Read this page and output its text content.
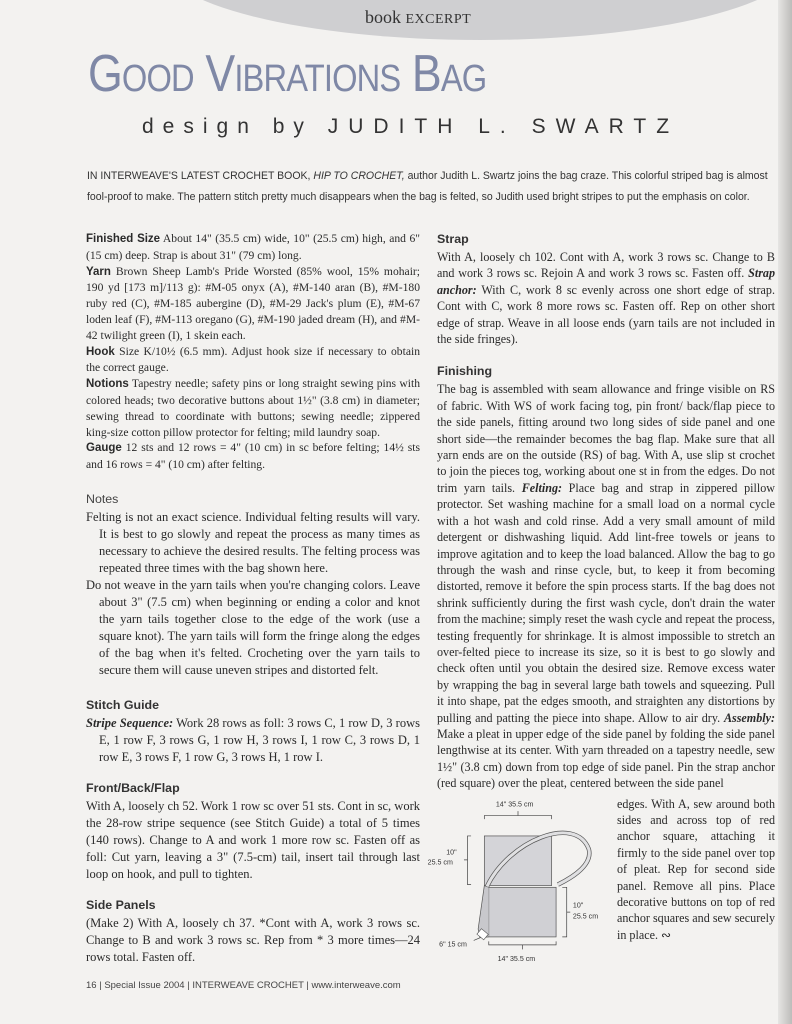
book EXCERPT
GOOD VIBRATIONS BAG
design by JUDITH L. SWARTZ
IN INTERWEAVE'S LATEST CROCHET BOOK, HIP TO CROCHET, author Judith L. Swartz joins the bag craze. This colorful striped bag is almost fool-proof to make. The pattern stitch pretty much disappears when the bag is felted, so Judith used bright stripes to put the emphasis on color.

Finished Size About 14" (35.5 cm) wide, 10" (25.5 cm) high, and 6" (15 cm) deep. Strap is about 31" (79 cm) long.

Yarn Brown Sheep Lamb's Pride Worsted (85% wool, 15% mohair; 190 yd [173 m]/113 g): #M-05 onyx (A), #M-140 aran (B), #M-180 ruby red (C), #M-185 aubergine (D), #M-29 Jack's plum (E), #M-67 loden leaf (F), #M-113 oregano (G), #M-190 jaded dream (H), and #M-42 twilight green (I), 1 skein each.

Hook Size K/10½ (6.5 mm). Adjust hook size if necessary to obtain the correct gauge.

Notions Tapestry needle; safety pins or long straight sewing pins with colored heads; two decorative buttons about 1½" (3.8 cm) in diameter; sewing thread to coordinate with buttons; sewing needle; zippered king-size cotton pillow protector for felting; mild laundry soap.

Gauge 12 sts and 12 rows = 4" (10 cm) in sc before felting; 14½ sts and 16 rows = 4" (10 cm) after felting.

Notes

Felting is not an exact science. Individual felting results will vary. It is best to go slowly and repeat the process as many times as necessary to achieve the desired results. The felting process was repeated three times with the bag shown here.

Do not weave in the yarn tails when you're changing colors. Leave about 3" (7.5 cm) when beginning or ending a color and knot the yarn tails together close to the edge of the work (use a square knot). The yarn tails will form the fringe along the edges of the bag when it's felted. Crocheting over the yarn tails to secure them will cause uneven stripes and distorted felt.

Stitch Guide

Stripe Sequence: Work 28 rows as foll: 3 rows C, 1 row D, 3 rows E, 1 row F, 3 rows G, 1 row H, 3 rows I, 1 row C, 3 rows D, 1 row E, 3 rows F, 1 row G, 3 rows H, 1 row I.

Front/Back/Flap

With A, loosely ch 52. Work 1 row sc over 51 sts. Cont in sc, work the 28-row stripe sequence (see Stitch Guide) a total of 5 times (140 rows). Change to A and work 1 more row sc. Fasten off as foll: Cut yarn, leaving a 3" (7.5-cm) tail, insert tail through last loop on hook, and pull to tighten.

Side Panels

(Make 2) With A, loosely ch 37. *Cont with A, work 3 rows sc. Change to B and work 3 rows sc. Rep from * 3 more times—24 rows total. Fasten off.

Strap

With A, loosely ch 102. Cont with A, work 3 rows sc. Change to B and work 3 rows sc. Rejoin A and work 3 rows sc. Fasten off. Strap anchor: With C, work 8 sc evenly across one short edge of strap. Cont with C, work 8 more rows sc. Fasten off. Rep on other short edge of strap. Weave in all loose ends (yarn tails are not included in the side fringes).

Finishing

The bag is assembled with seam allowance and fringe visible on RS of fabric. With WS of work facing tog, pin front/ back/flap piece to the side panels, fitting around two long sides of side panel and one short side—the remainder becomes the bag flap. Make sure that all yarn ends are on the outside (RS) of bag. With A, use slip st crochet to join the pieces tog, working about one st in from the edges. Do not trim yarn tails. Felting: Place bag and strap in zippered pillow protector. Set washing machine for a small load on a normal cycle with a hot wash and cold rinse. Add a very small amount of mild detergent or dishwashing liquid. Add lint-free towels or jeans to improve agitation and to keep the load balanced. Allow the bag to go through the wash and rinse cycle, but, to keep it from becoming distorted, remove it before the spin process starts. If the bag does not shrink sufficiently during the first wash cycle, don't drain the water from the machine; simply reset the wash cycle and repeat the process, testing frequently for shrinkage. It is almost impossible to stretch an over-felted piece to increase its size, so it is best to go slowly and check often until you obtain the desired size. Remove excess water by wrapping the bag in several large bath towels and squeezing. Pull it into shape, pat the edges smooth, and straighten any distortions by pulling and patting the piece into shape. Allow to air dry. Assembly: Make a pleat in upper edge of the side panel by folding the side panel lengthwise at its center. With yarn threaded on a tapestry needle, sew 1½" (3.8 cm) down from top edge of side panel. Pin the strap anchor (red square) over the pleat, centered between the side panel

14" 35.5 cm
10"
25.5 cm
10"
25.5 cm
6" 15 cm
14" 35.5 cm
edges. With A, sew around both sides and across top of red anchor square, attaching it firmly to the side panel over top of pleat. Rep for second side panel. Remove all pins. Place decorative buttons on top of red anchor squares and sew securely in place. ∾
16 | Special Issue 2004 | INTERWEAVE CROCHET | www.interweave.com
